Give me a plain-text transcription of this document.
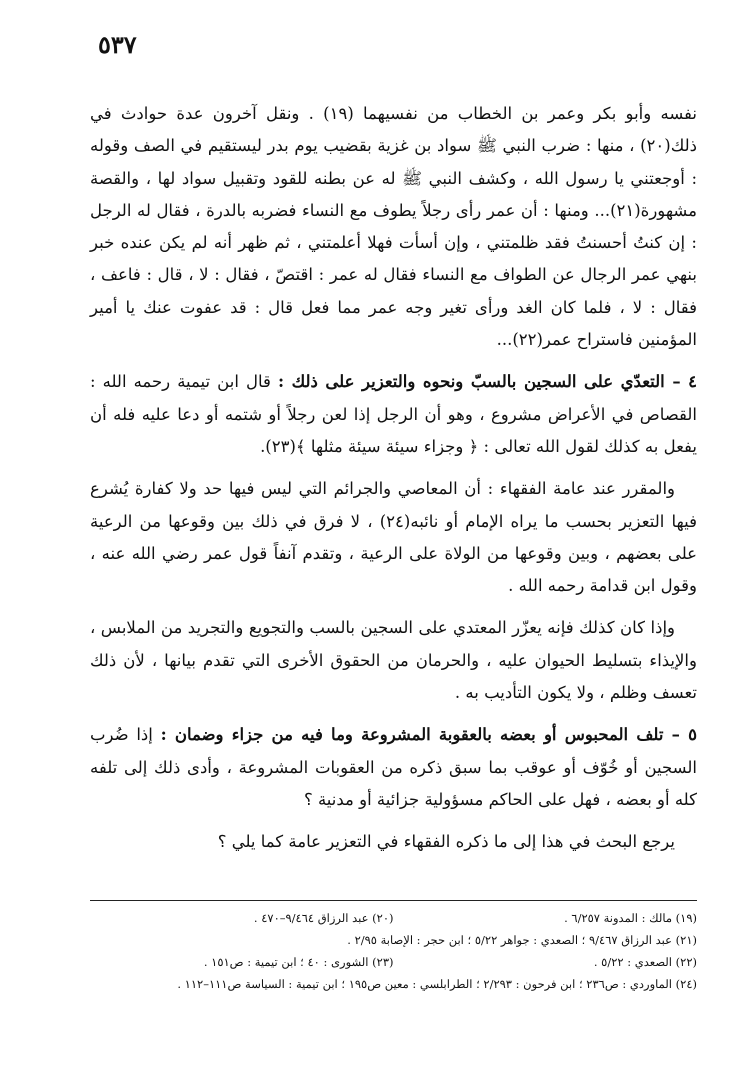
٥٣٧

نفسه وأبو بكر وعمر بن الخطاب من نفسيهما (١٩) . ونقل آخرون عدة حوادث في ذلك(٢٠) ، منها : ضرب النبي ﷺ سواد بن غزية بقضيب يوم بدر ليستقيم في الصف وقوله : أوجعتني يا رسول الله ، وكشف النبي ﷺ له عن بطنه للقود وتقبيل سواد لها ، والقصة مشهورة(٢١)... ومنها : أن عمر رأى رجلاً يطوف مع النساء فضربه بالدرة ، فقال له الرجل : إن كنتُ أحسنتُ فقد ظلمتني ، وإن أسأت فهلا أعلمتني ، ثم ظهر أنه لم يكن عنده خبر بنهي عمر الرجال عن الطواف مع النساء فقال له عمر : اقتصّ ، فقال : لا ، قال : فاعف ، فقال : لا ، فلما كان الغد ورأى تغير وجه عمر مما فعل قال : قد عفوت عنك يا أمير المؤمنين فاستراح عمر(٢٢)...

٤ – التعدّي على السجين بالسبّ ونحوه والتعزير على ذلك : قال ابن تيمية رحمه الله : القصاص في الأعراض مشروع ، وهو أن الرجل إذا لعن رجلاً أو شتمه أو دعا عليه فله أن يفعل به كذلك لقول الله تعالى : ﴿ وجزاء سيئة سيئة مثلها ﴾(٢٣).

والمقرر عند عامة الفقهاء : أن المعاصي والجرائم التي ليس فيها حد ولا كفارة يُشرع فيها التعزير بحسب ما يراه الإمام أو نائبه(٢٤) ، لا فرق في ذلك بين وقوعها من الرعية على بعضهم ، وبين وقوعها من الولاة على الرعية ، وتقدم آنفاً قول عمر رضي الله عنه ، وقول ابن قدامة رحمه الله .

وإذا كان كذلك فإنه يعزّر المعتدي على السجين بالسب والتجويع والتجريد من الملابس ، والإيذاء بتسليط الحيوان عليه ، والحرمان من الحقوق الأخرى التي تقدم بيانها ، لأن ذلك تعسف وظلم ، ولا يكون التأديب به .

٥ – تلف المحبوس أو بعضه بالعقوبة المشروعة وما فيه من جزاء وضمان : إذا ضُرب السجين أو خُوّف أو عوقب بما سبق ذكره من العقوبات المشروعة ، وأدى ذلك إلى تلفه كله أو بعضه ، فهل على الحاكم مسؤولية جزائية أو مدنية ؟

يرجع البحث في هذا إلى ما ذكره الفقهاء في التعزير عامة كما يلي ؟

(١٩) مالك : المدونة ٦/٢٥٧ .
(٢٠) عبد الرزاق ٩/٤٦٤–٤٧٠ .
(٢١) عبد الرزاق ٩/٤٦٧ ؛ الصعدي : جواهر ٥/٢٢ ؛ ابن حجر : الإصابة ٢/٩٥ .
(٢٢) الصعدي : ٥/٢٢ .
(٢٣) الشورى : ٤٠ ؛ ابن تيمية : ص١٥١ .
(٢٤) الماوردي : ص٢٣٦ ؛ ابن فرحون : ٢/٢٩٣ ؛ الطرابلسي : معين ص١٩٥ ؛ ابن تيمية : السياسة ص١١١–١١٢ .
